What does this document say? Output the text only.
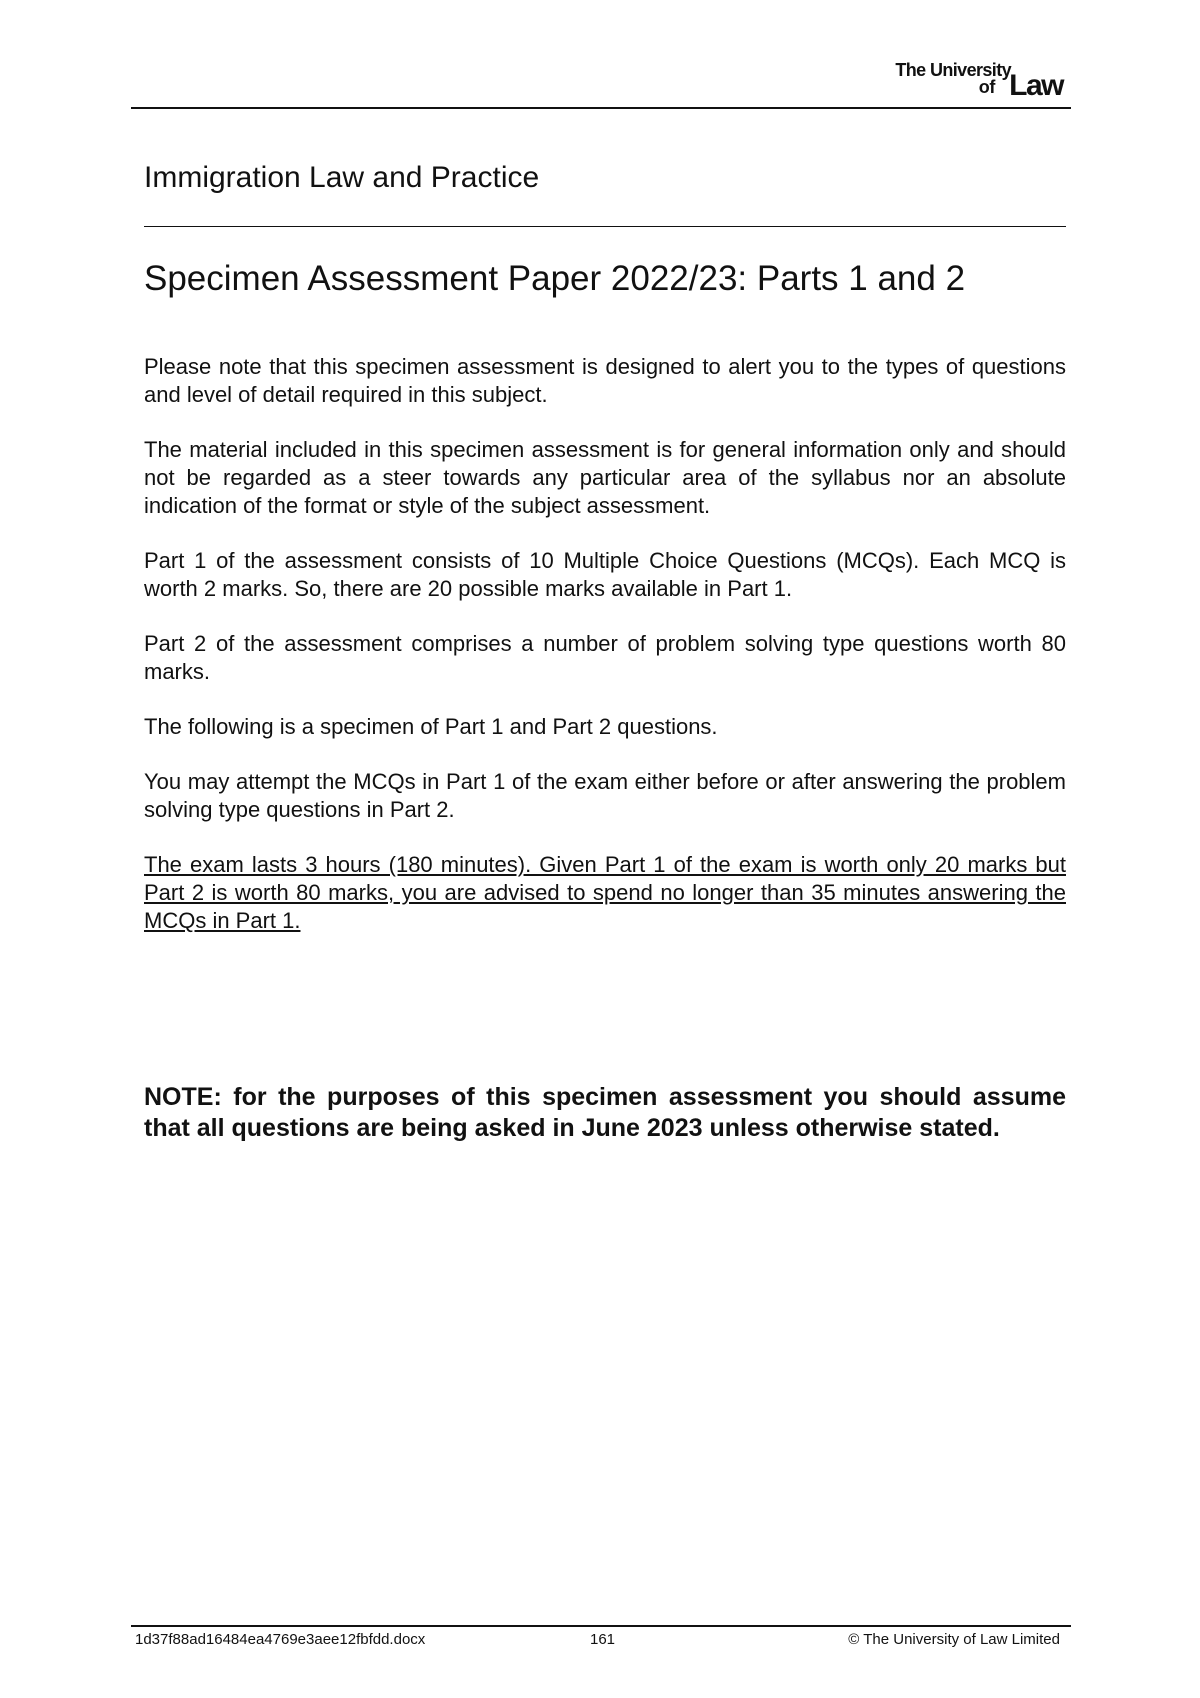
The University
of Law
Immigration Law and Practice
Specimen Assessment Paper 2022/23: Parts 1 and 2

Please note that this specimen assessment is designed to alert you to the types of questions and level of detail required in this subject.

The material included in this specimen assessment is for general information only and should not be regarded as a steer towards any particular area of the syllabus nor an absolute indication of the format or style of the subject assessment.

Part 1 of the assessment consists of 10 Multiple Choice Questions (MCQs). Each MCQ is worth 2 marks. So, there are 20 possible marks available in Part 1.

Part 2 of the assessment comprises a number of problem solving type questions worth 80 marks.

The following is a specimen of Part 1 and Part 2 questions.

You may attempt the MCQs in Part 1 of the exam either before or after answering the problem solving type questions in Part 2.

The exam lasts 3 hours (180 minutes). Given Part 1 of the exam is worth only 20 marks but Part 2 is worth 80 marks, you are advised to spend no longer than 35 minutes answering the MCQs in Part 1.

NOTE: for the purposes of this specimen assessment you should assume that all questions are being asked in June 2023 unless otherwise stated.
1d37f88ad16484ea4769e3aee12fbfdd.docx	161	© The University of Law Limited
